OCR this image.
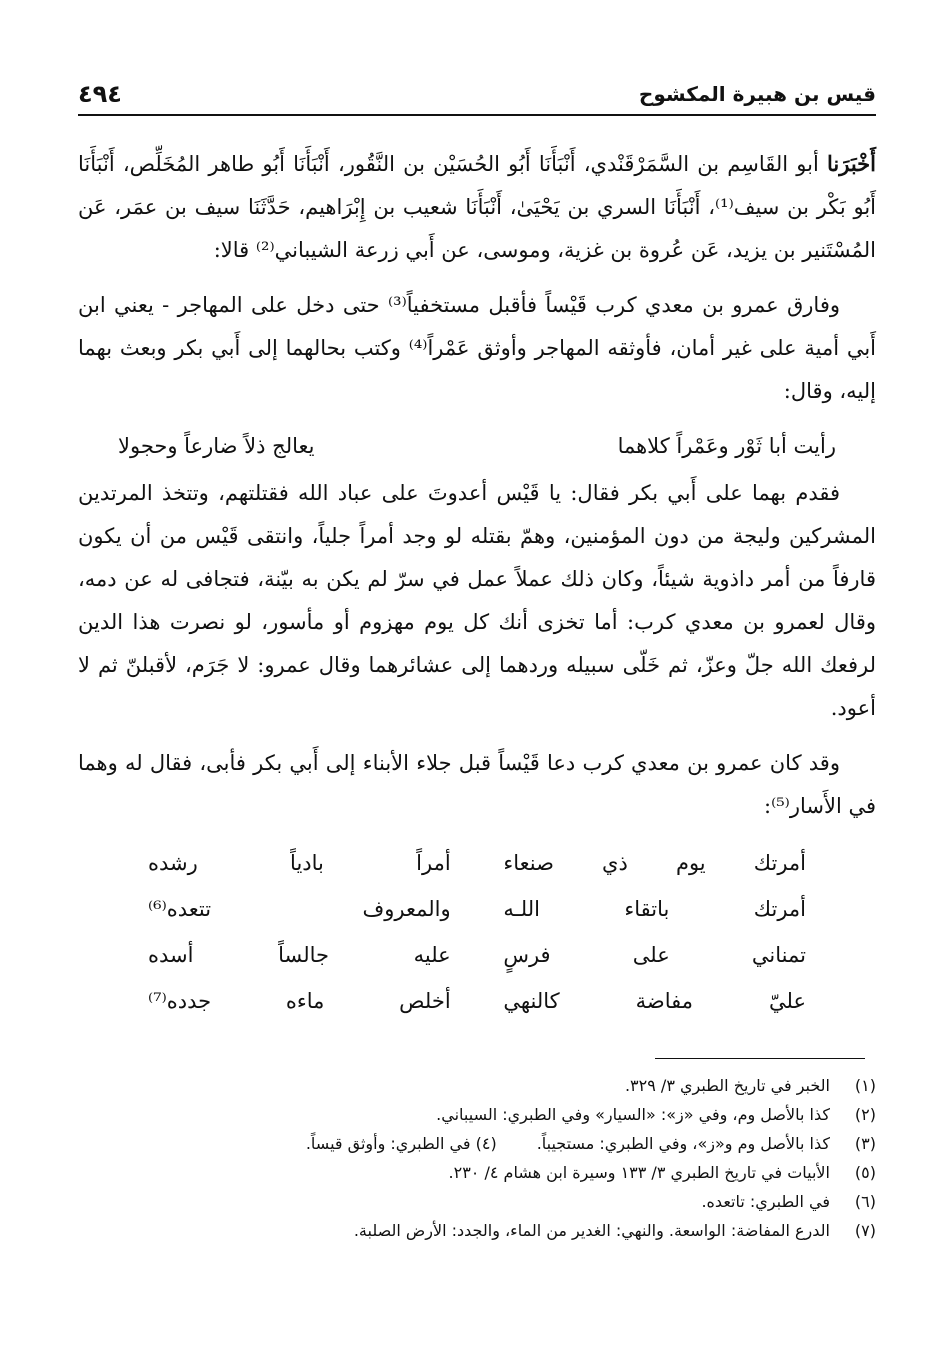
قيس بن هبيرة المكشوح
٤٩٤

أَخْبَرَنا أبو القَاسِم بن السَّمَرْقَنْدي، أَنْبَأَنَا أَبُو الحُسَيْن بن النَّقُور، أَنْبَأَنَا أَبُو طاهر المُخَلِّص، أَنْبَأَنَا أَبُو بَكْر بن سيف⁽¹⁾، أَنْبَأَنَا السري بن يَحْيَىٰ، أَنْبَأَنَا شعيب بن إِبْرَاهيم، حَدَّثَنَا سيف بن عمَر، عَن المُسْتَنير بن يزيد، عَن عُروة بن غزية، وموسى، عن أَبي زرعة الشيباني⁽²⁾ قالا:

وفارق عمرو بن معدي كرب قَيْساً فأقبل مستخفياً⁽³⁾ حتى دخل على المهاجر - يعني ابن أَبي أمية على غير أمان، فأوثقه المهاجر وأوثق عَمْراً⁽⁴⁾ وكتب بحالهما إلى أَبي بكر وبعث بهما إليه، وقال:

رأيت أبا ثَوْر وعَمْراً كلاهما
يعالج ذلاً ضارعاً وحجولا

فقدم بهما على أَبي بكر فقال: يا قَيْس أعدوتَ على عباد الله فقتلتهم، وتتخذ المرتدين المشركين وليجة من دون المؤمنين، وهمّ بقتله لو وجد أمراً جلياً، وانتقى قَيْس من أن يكون قارفاً من أمر داذوية شيئاً، وكان ذلك عملاً عمل في سرّ لم يكن به بيّنة، فتجافى له عن دمه، وقال لعمرو بن معدي كرب: أما تخزى أنك كل يوم مهزوم أو مأسور، لو نصرت هذا الدين لرفعك الله جلّ وعزّ، ثم خَلّى سبيله وردهما إلى عشائرهما وقال عمرو: لا جَرَم، لأقبلنّ ثم لا أعود.

وقد كان عمرو بن معدي كرب دعا قَيْساً قبل جلاء الأبناء إلى أَبي بكر فأبى، فقال له وهما في الأَسار⁽⁵⁾:

أمرتك يوم ذي صنعاء
أمراً بادياً رشده
أمرتك باتقاء اللـه
والمعروف تتعده⁽⁶⁾
تمناني على فرسٍ
عليه جالساً أسده
عليّ مفاضة كالنهي
أخلص ماءه جدده⁽⁷⁾
(١)
الخبر في تاريخ الطبري ٣/ ٣٢٩.
(٢)
كذا بالأصل وم، وفي «ز»: «السيار» وفي الطبري: السيباني.
(٣)
كذا بالأصل وم و«ز»، وفي الطبري: مستجيباً.
(٤) في الطبري: وأوثق قيساً.
(٥)
الأبيات في تاريخ الطبري ٣/ ١٣٣ وسيرة ابن هشام ٤/ ٢٣٠.
(٦)
في الطبري: تاتعده.
(٧)
الدرع المفاضة: الواسعة. والنهي: الغدير من الماء، والجدد: الأرض الصلبة.
